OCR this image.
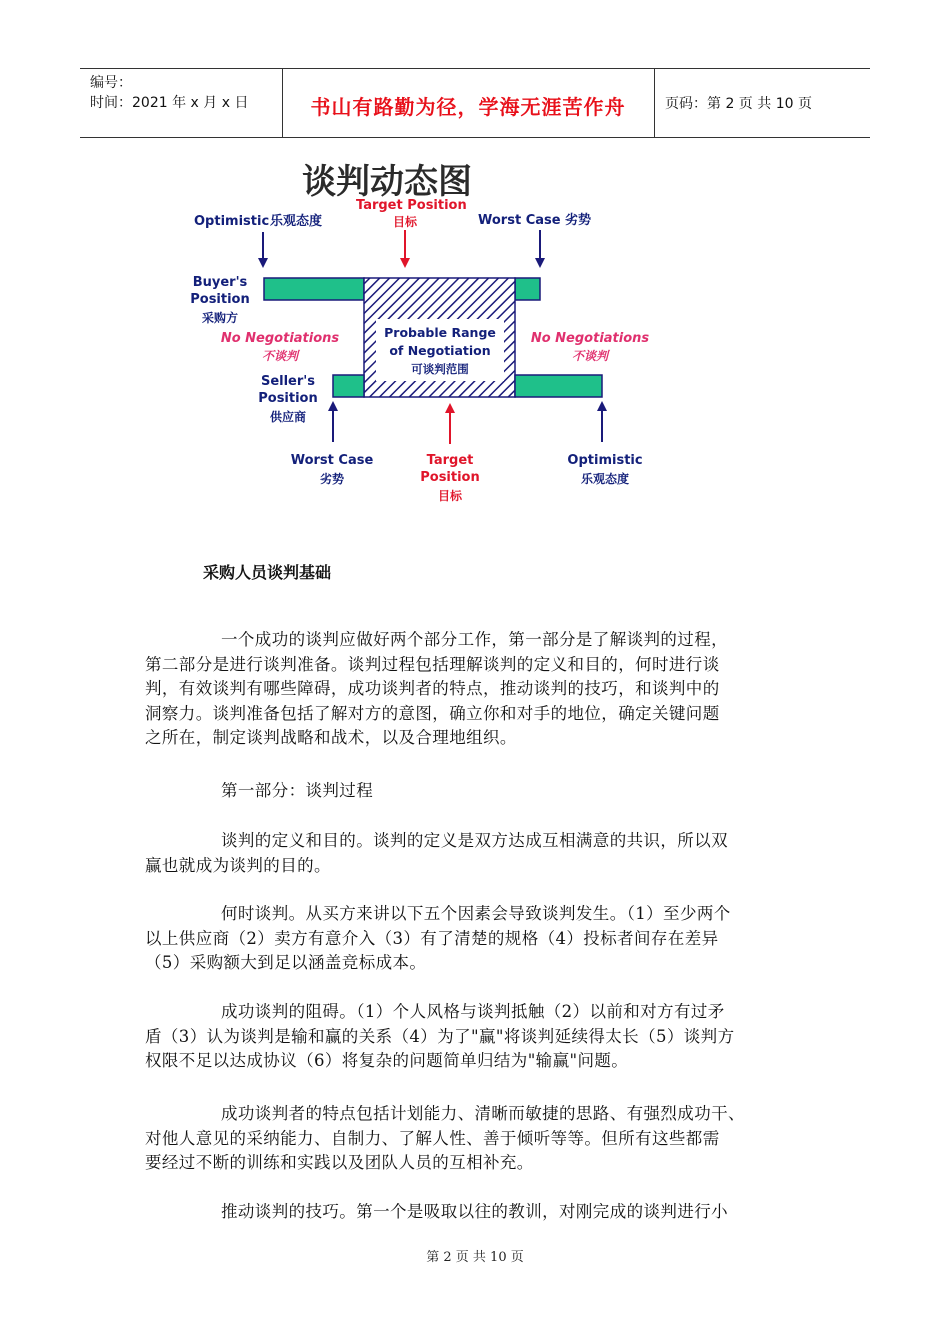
编号：
时间：2021 年 x 月 x 日	书山有路勤为径，学海无涯苦作舟	页码：第 2 页 共 10 页
谈判动态图
Optimistic 乐观态度
Target Position
目标	Worst Case 劣势
Probable Range
of Negotiation
可谈判范围
Buyer's
Position
采购方
No Negotiations
不谈判
No Negotiations
不谈判
Seller's
Position
供应商
Worst Case
劣势
Target
Position
目标
Optimistic
乐观态度
采购人员谈判基础
一个成功的谈判应做好两个部分工作，第一部分是了解谈判的过程，
第二部分是进行谈判准备。谈判过程包括理解谈判的定义和目的，何时进行谈
判，有效谈判有哪些障碍，成功谈判者的特点，推动谈判的技巧，和谈判中的
洞察力。谈判准备包括了解对方的意图，确立你和对手的地位，确定关键问题
之所在，制定谈判战略和战术，以及合理地组织。
第一部分：谈判过程
谈判的定义和目的。谈判的定义是双方达成互相满意的共识，所以双
赢也就成为谈判的目的。
何时谈判。从买方来讲以下五个因素会导致谈判发生。（1）至少两个
以上供应商（2）卖方有意介入（3）有了清楚的规格（4）投标者间存在差异
（5）采购额大到足以涵盖竞标成本。
成功谈判的阻碍。（1）个人风格与谈判抵触（2）以前和对方有过矛
盾（3）认为谈判是输和赢的关系（4）为了"赢"将谈判延续得太长（5）谈判方
权限不足以达成协议（6）将复杂的问题简单归结为"输赢"问题。
成功谈判者的特点包括计划能力、清晰而敏捷的思路、有强烈成功干、
对他人意见的采纳能力、自制力、了解人性、善于倾听等等。但所有这些都需
要经过不断的训练和实践以及团队人员的互相补充。
推动谈判的技巧。第一个是吸取以往的教训，对刚完成的谈判进行小
第 2 页 共 10 页
